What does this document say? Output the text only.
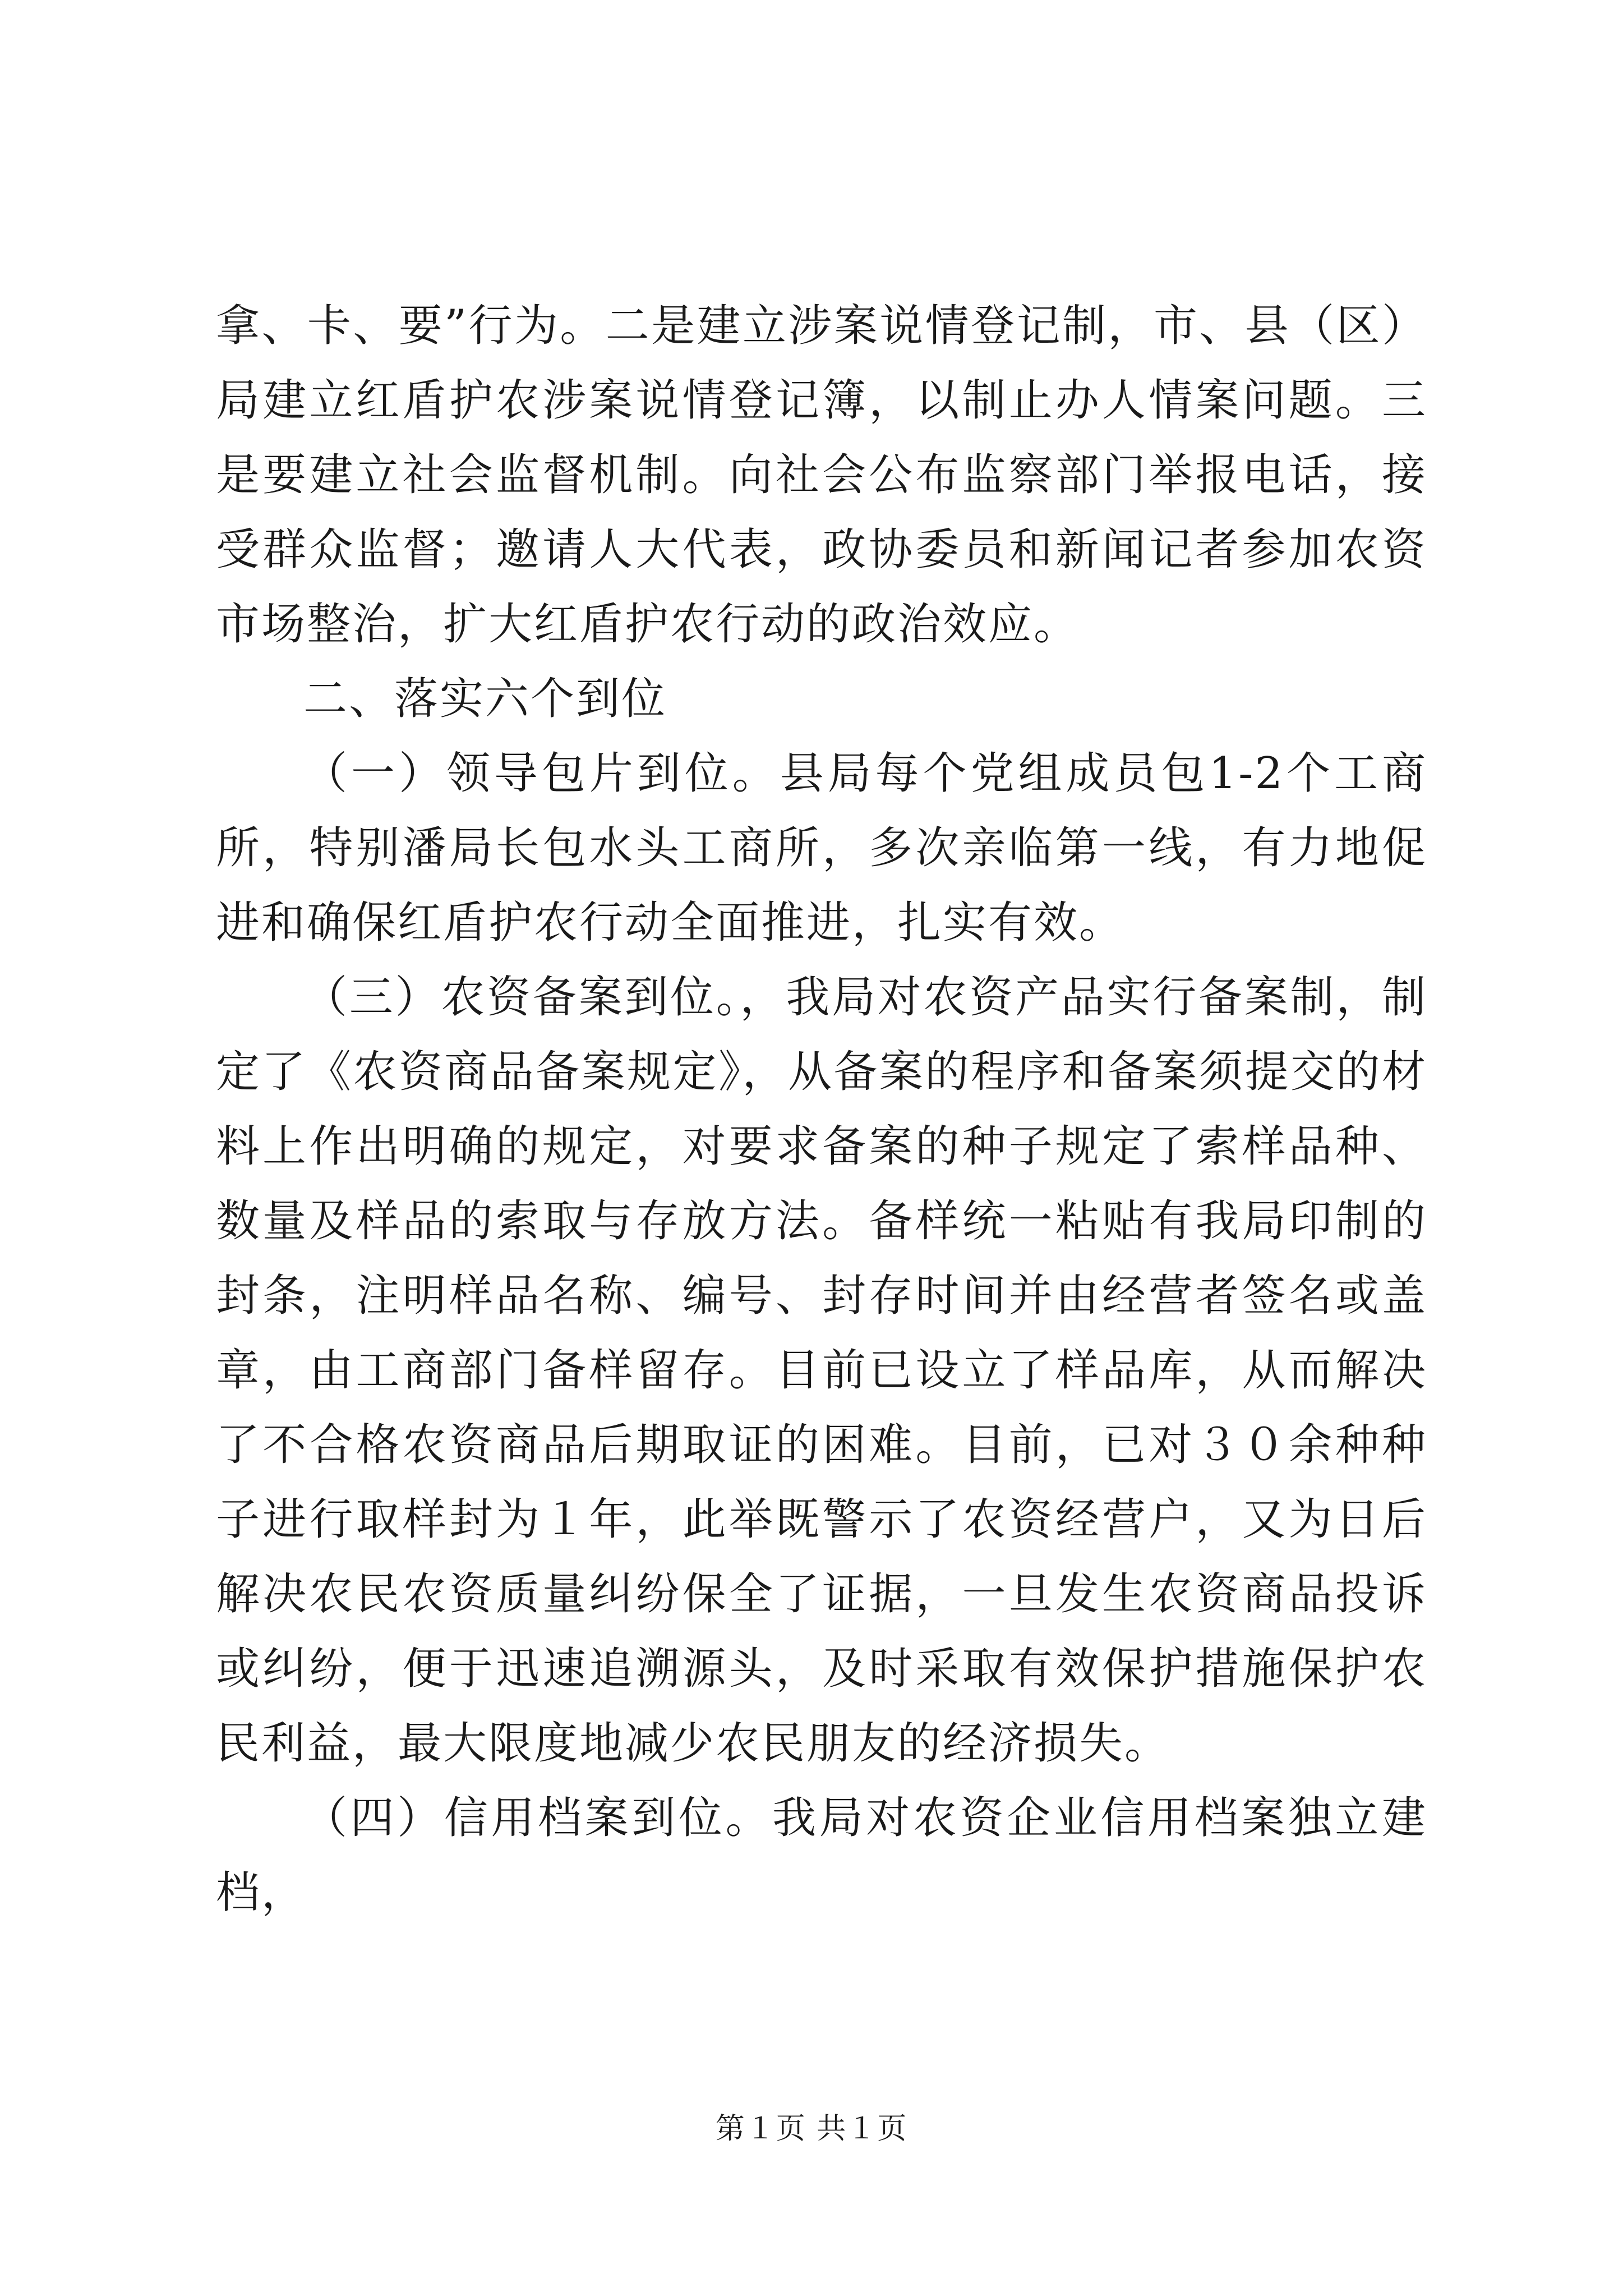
拿、卡、要”行为。二是建立涉案说情登记制，市、县（区）局建立红盾护农涉案说情登记簿，以制止办人情案问题。三是要建立社会监督机制。向社会公布监察部门举报电话，接受群众监督；邀请人大代表，政协委员和新闻记者参加农资市场整治，扩大红盾护农行动的政治效应。

二、落实六个到位

（一）领导包片到位。县局每个党组成员包1-2个工商所，特别潘局长包水头工商所，多次亲临第一线，有力地促进和确保红盾护农行动全面推进，扎实有效。

（三）农资备案到位。，我局对农资产品实行备案制，制定了《农资商品备案规定》，从备案的程序和备案须提交的材料上作出明确的规定，对要求备案的种子规定了索样品种、数量及样品的索取与存放方法。备样统一粘贴有我局印制的封条，注明样品名称、编号、封存时间并由经营者签名或盖章，由工商部门备样留存。目前已设立了样品库，从而解决了不合格农资商品后期取证的困难。目前，已对３０余种种子进行取样封为１年，此举既警示了农资经营户，又为日后解决农民农资质量纠纷保全了证据，一旦发生农资商品投诉或纠纷，便于迅速追溯源头，及时采取有效保护措施保护农民利益，最大限度地减少农民朋友的经济损失。

（四）信用档案到位。我局对农资企业信用档案独立建档，

第１页 共１页
